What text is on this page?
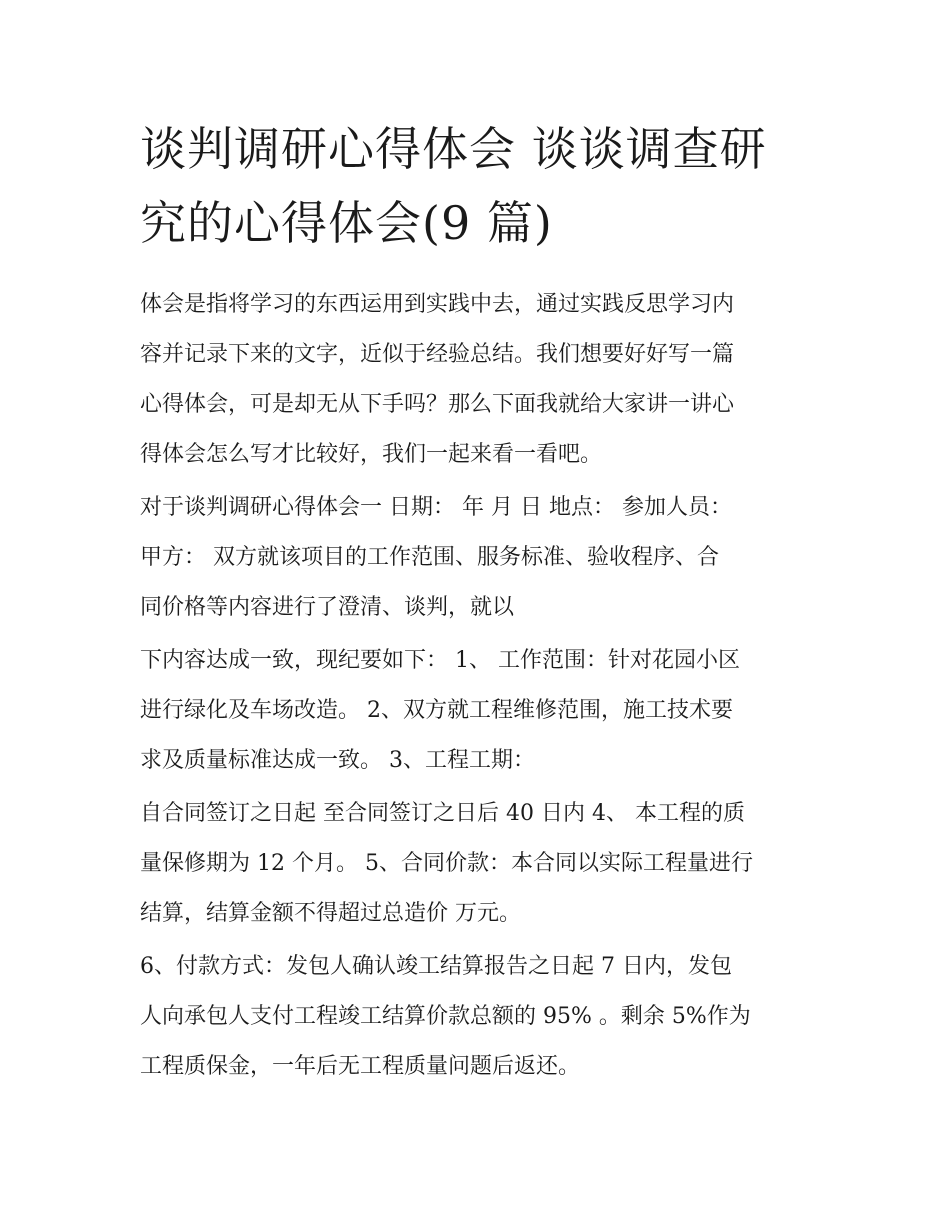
谈判调研心得体会 谈谈调查研
究的心得体会(9 篇)

体会是指将学习的东西运用到实践中去，通过实践反思学习内
容并记录下来的文字，近似于经验总结。我们想要好好写一篇
心得体会，可是却无从下手吗？那么下面我就给大家讲一讲心
得体会怎么写才比较好，我们一起来看一看吧。

对于谈判调研心得体会一 日期： 年 月 日 地点： 参加人员：
甲方： 双方就该项目的工作范围、服务标准、验收程序、合
同价格等内容进行了澄清、谈判，就以

下内容达成一致，现纪要如下： 1、 工作范围：针对花园小区
进行绿化及车场改造。 2、双方就工程维修范围，施工技术要
求及质量标准达成一致。 3、工程工期：

自合同签订之日起 至合同签订之日后 40 日内 4、 本工程的质
量保修期为 12 个月。 5、合同价款：本合同以实际工程量进行
结算，结算金额不得超过总造价 万元。

6、付款方式：发包人确认竣工结算报告之日起 7 日内，发包
人向承包人支付工程竣工结算价款总额的 95% 。剩余 5%作为
工程质保金，一年后无工程质量问题后返还。
